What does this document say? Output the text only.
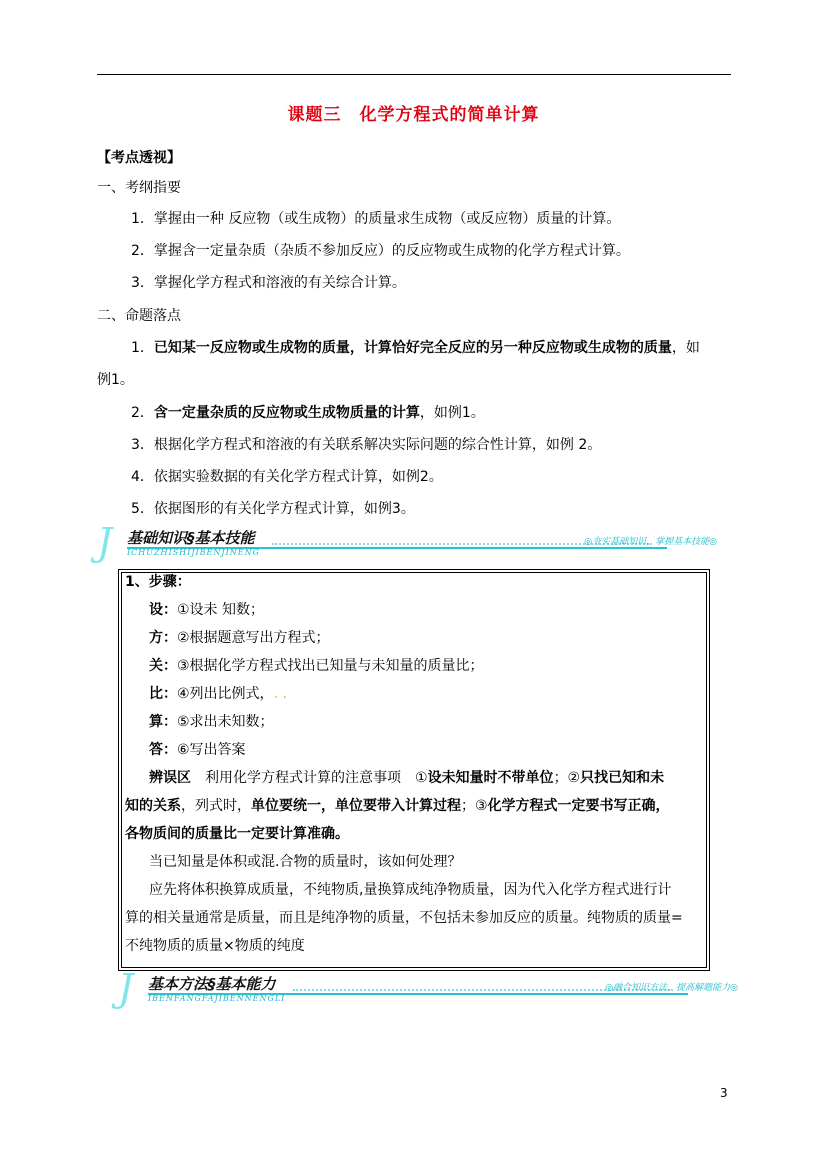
课题三　化学方程式的简单计算
【考点透视】
一、考纲指要
1．掌握由一种 反应物（或生成物）的质量求生成物（或反应物）质量的计算。
2．掌握含一定量杂质（杂质不参加反应）的反应物或生成物的化学方程式计算。
3．掌握化学方程式和溶液的有关综合计算。
二、命题落点
1．已知某一反应物或生成物的质量，计算恰好完全反应的另一种反应物或生成物的质量，如
例1。
2．含一定量杂质的反应物或生成物质量的计算，如例1。
3．根据化学方程式和溶液的有关联系解决实际问题的综合性计算，如例 2。
4．依据实验数据的有关化学方程式计算，如例2。
5．依据图形的有关化学方程式计算，如例3。
J 基础知识§基本技能
ICHUZHISHIJIBENJINENG
◎夯实基础知识，掌握基本技能◎
1、步骤：
设：①设未 知数；
方：②根据题意写出方程式；
关：③根据化学方程式找出已知量与未知量的质量比；
比：④列出比例式，. .
算：⑤求出未知数；
答：⑥写出答案
辨误区　利用化学方程式计算的注意事项　①设未知量时不带单位；②只找已知和未
知的关系，列式时，单位要统一，单位要带入计算过程；③化学方程式一定要书写正确，
各物质间的质量比一定要计算准确。
当已知量是体积或混.合物的质量时，该如何处理？
应先将体积换算成质量，不纯物质,量换算成纯净物质量，因为代入化学方程式进行计
算的相关量通常是质量，而且是纯净物的质量，不包括未参加反应的质量。纯物质的质量=
不纯物质的质量×物质的纯度
J 基本方法§基本能力
IBENFANGFAJIBENNENGLI
◎融合知识方法，提高解题能力◎
3
